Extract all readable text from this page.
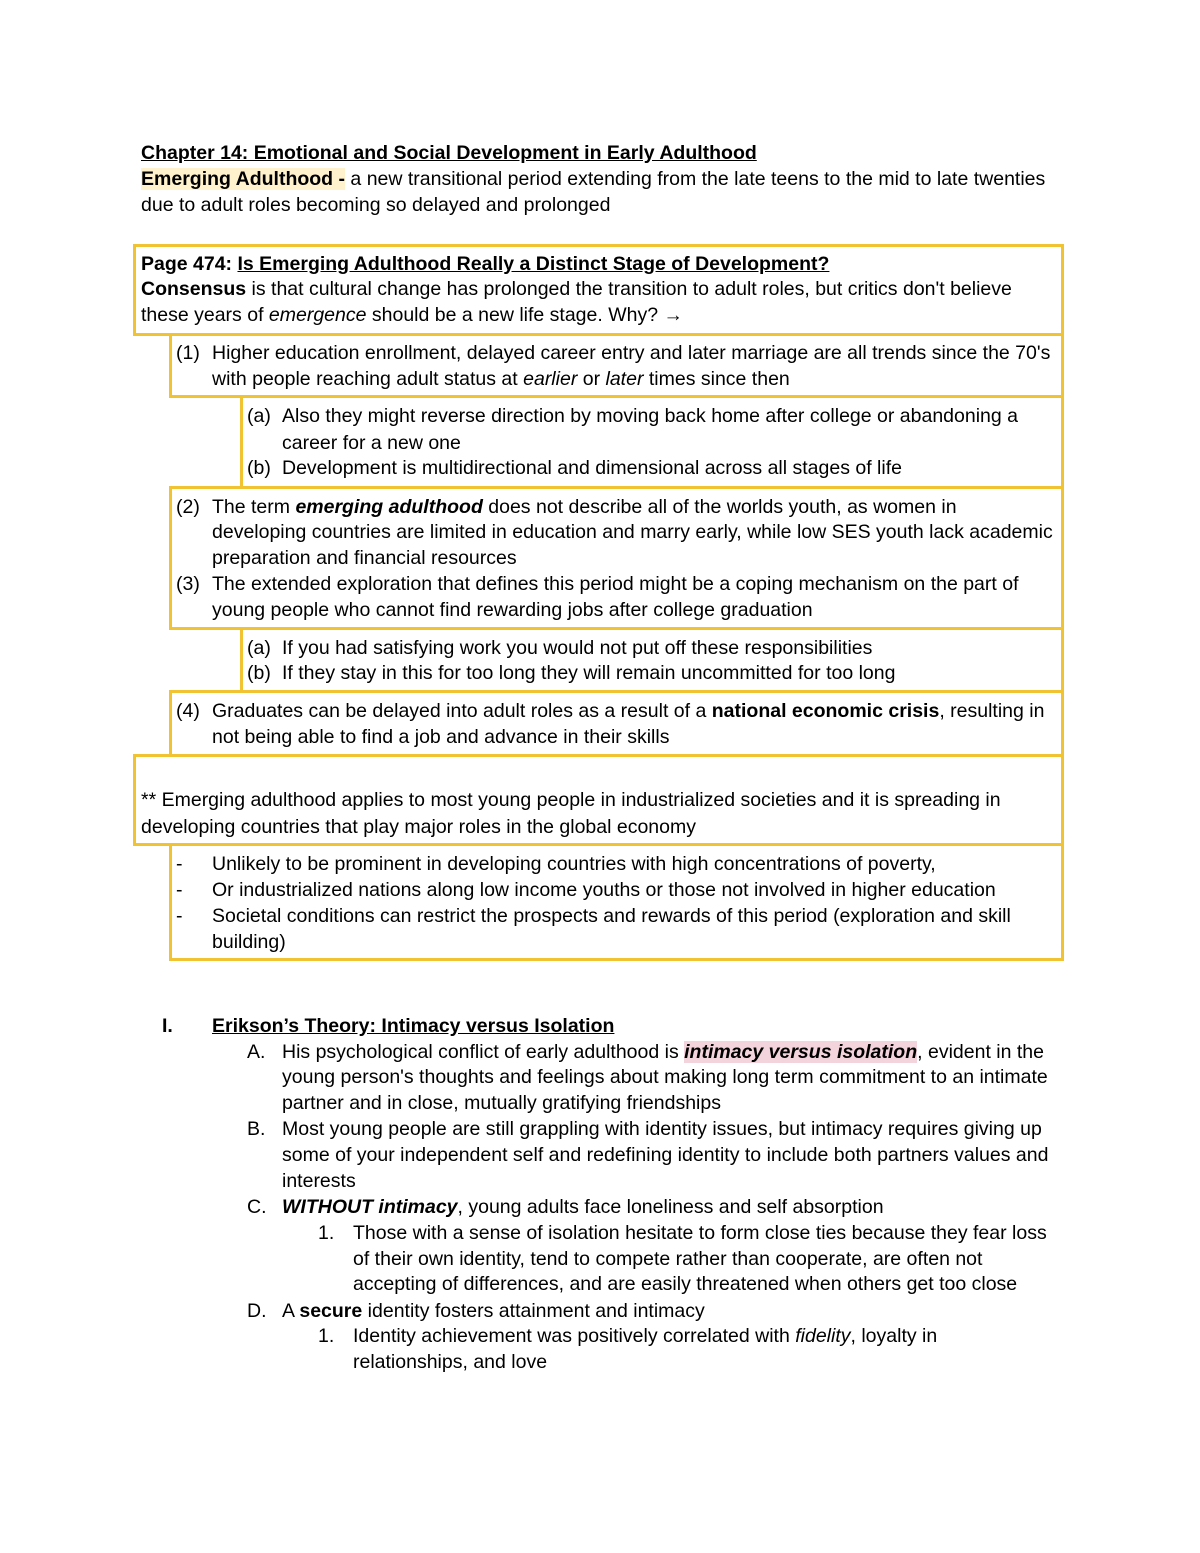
Chapter 14: Emotional and Social Development in Early Adulthood
Emerging Adulthood - a new transitional period extending from the late teens to the mid to late twenties
due to adult roles becoming so delayed and prolonged
Page 474: Is Emerging Adulthood Really a Distinct Stage of Development?
Consensus is that cultural change has prolonged the transition to adult roles, but critics don't believe
these years of emergence should be a new life stage. Why? →
(1) Higher education enrollment, delayed career entry and later marriage are all trends since the 70's
with people reaching adult status at earlier or later times since then
(a) Also they might reverse direction by moving back home after college or abandoning a
career for a new one
(b) Development is multidirectional and dimensional across all stages of life
(2) The term emerging adulthood does not describe all of the worlds youth, as women in
developing countries are limited in education and marry early, while low SES youth lack academic
preparation and financial resources
(3) The extended exploration that defines this period might be a coping mechanism on the part of
young people who cannot find rewarding jobs after college graduation
(a) If you had satisfying work you would not put off these responsibilities
(b) If they stay in this for too long they will remain uncommitted for too long
(4) Graduates can be delayed into adult roles as a result of a national economic crisis, resulting in
not being able to find a job and advance in their skills
** Emerging adulthood applies to most young people in industrialized societies and it is spreading in
developing countries that play major roles in the global economy
- Unlikely to be prominent in developing countries with high concentrations of poverty,
- Or industrialized nations along low income youths or those not involved in higher education
- Societal conditions can restrict the prospects and rewards of this period (exploration and skill
building)
I. Erikson’s Theory: Intimacy versus Isolation
A. His psychological conflict of early adulthood is intimacy versus isolation, evident in the
young person's thoughts and feelings about making long term commitment to an intimate
partner and in close, mutually gratifying friendships
B. Most young people are still grappling with identity issues, but intimacy requires giving up
some of your independent self and redefining identity to include both partners values and
interests
C. WITHOUT intimacy, young adults face loneliness and self absorption
1. Those with a sense of isolation hesitate to form close ties because they fear loss
of their own identity, tend to compete rather than cooperate, are often not
accepting of differences, and are easily threatened when others get too close
D. A secure identity fosters attainment and intimacy
1. Identity achievement was positively correlated with fidelity, loyalty in
relationships, and love
